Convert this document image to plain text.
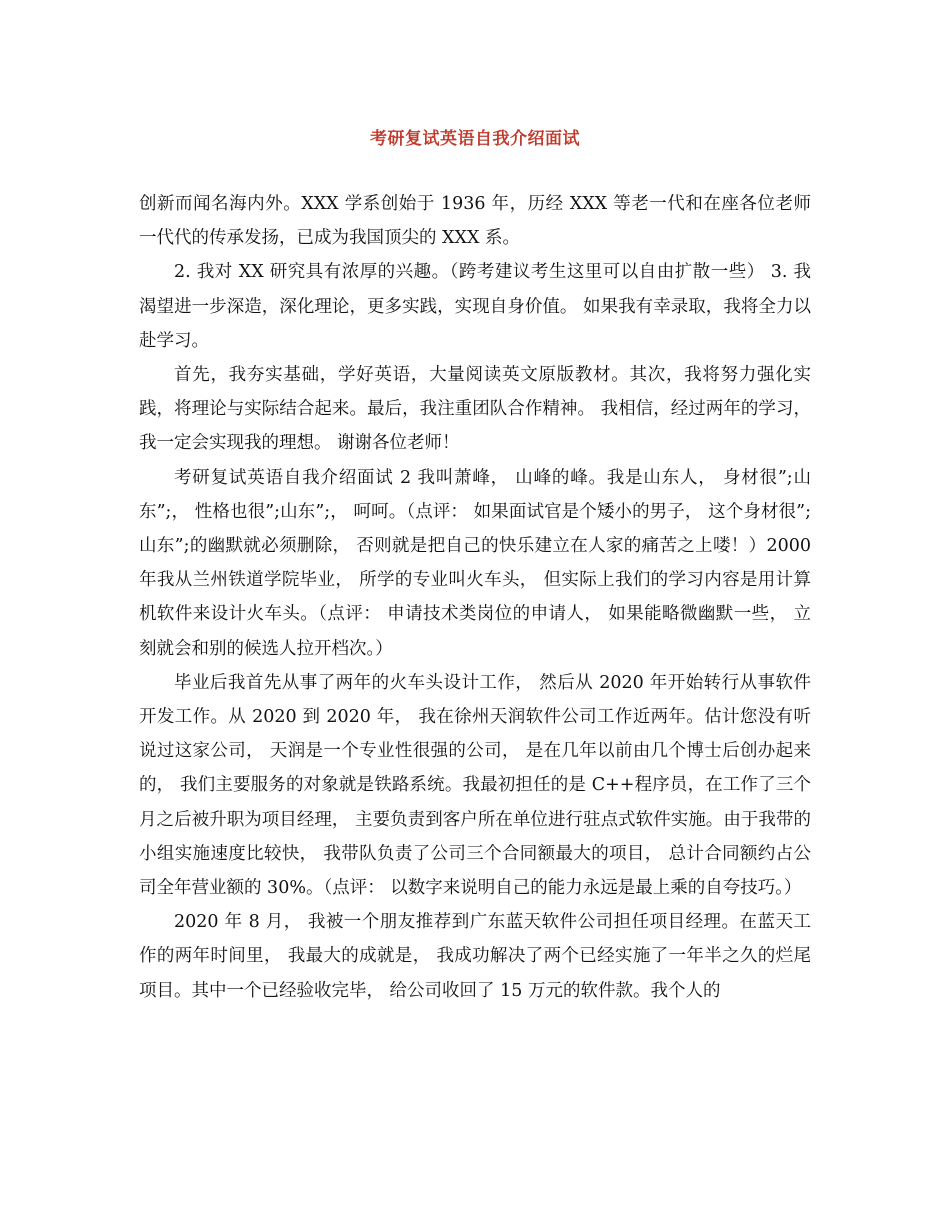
考研复试英语自我介绍面试

创新而闻名海内外。XXX 学系创始于 1936 年，历经 XXX 等老一代和在座各位老师一代代的传承发扬，已成为我国顶尖的 XXX 系。

2. 我对 XX 研究具有浓厚的兴趣。（跨考建议考生这里可以自由扩散一些） 3. 我渴望进一步深造，深化理论，更多实践，实现自身价值。 如果我有幸录取，我将全力以赴学习。

首先，我夯实基础，学好英语，大量阅读英文原版教材。其次，我将努力强化实践，将理论与实际结合起来。最后，我注重团队合作精神。 我相信，经过两年的学习，我一定会实现我的理想。 谢谢各位老师！

考研复试英语自我介绍面试 2 我叫萧峰， 山峰的峰。我是山东人， 身材很”;山东”;， 性格也很”;山东”;， 呵呵。（点评： 如果面试官是个矮小的男子， 这个身材很”;山东”;的幽默就必须删除， 否则就是把自己的快乐建立在人家的痛苦之上喽！）2000 年我从兰州铁道学院毕业， 所学的专业叫火车头， 但实际上我们的学习内容是用计算机软件来设计火车头。（点评： 申请技术类岗位的申请人， 如果能略微幽默一些， 立刻就会和别的候选人拉开档次。）

毕业后我首先从事了两年的火车头设计工作， 然后从 2020 年开始转行从事软件开发工作。从 2020 到 2020 年， 我在徐州天润软件公司工作近两年。估计您没有听说过这家公司， 天润是一个专业性很强的公司， 是在几年以前由几个博士后创办起来的， 我们主要服务的对象就是铁路系统。我最初担任的是 C++程序员，在工作了三个月之后被升职为项目经理， 主要负责到客户所在单位进行驻点式软件实施。由于我带的小组实施速度比较快， 我带队负责了公司三个合同额最大的项目， 总计合同额约占公司全年营业额的 30%。（点评： 以数字来说明自己的能力永远是最上乘的自夸技巧。）

2020 年 8 月， 我被一个朋友推荐到广东蓝天软件公司担任项目经理。在蓝天工作的两年时间里， 我最大的成就是， 我成功解决了两个已经实施了一年半之久的烂尾项目。其中一个已经验收完毕， 给公司收回了 15 万元的软件款。我个人的
